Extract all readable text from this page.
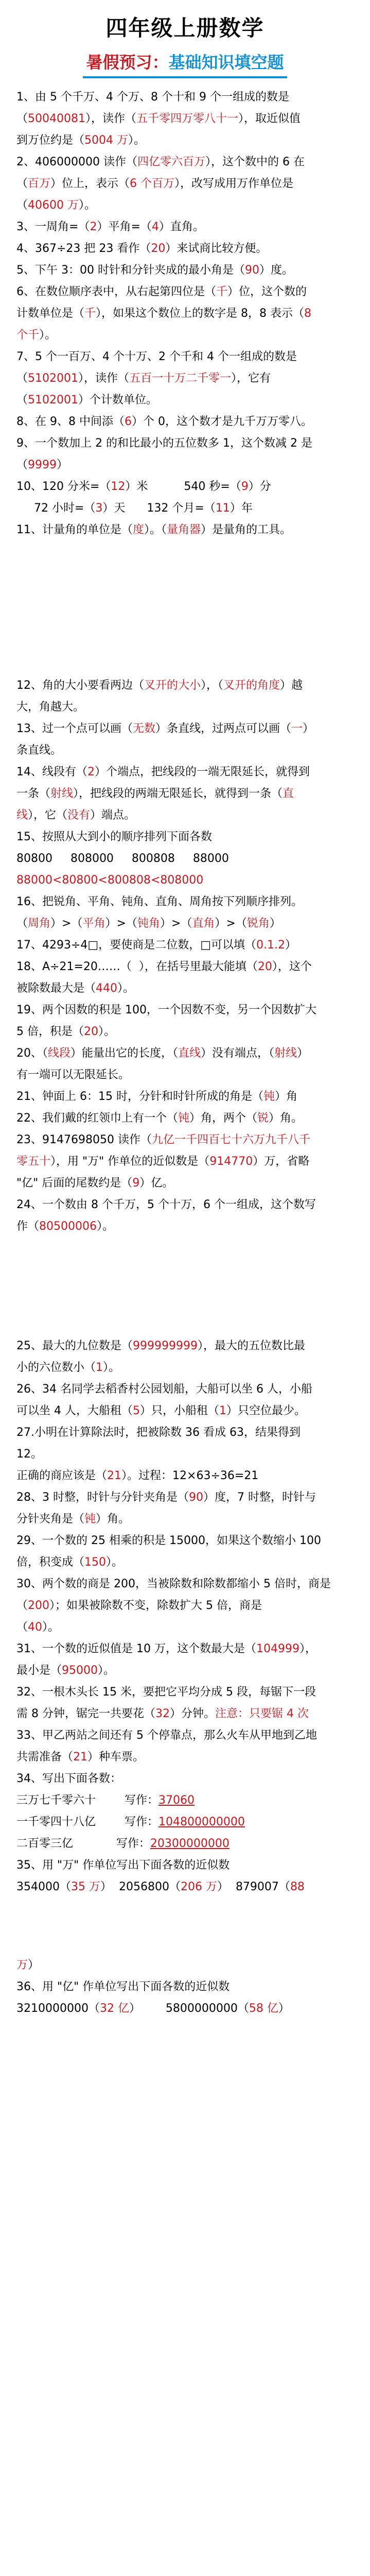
四年级上册数学
暑假预习：基础知识填空题
1、由 5 个千万、4 个万、8 个十和 9 个一组成的数是
（50040081），读作（五千零四万零八十一），取近似值
到万位约是（5004 万）。
2、406000000 读作（四亿零六百万），这个数中的 6 在
（百万）位上，表示（6 个百万），改写成用万作单位是
（40600 万）。
3、一周角=（2）平角=（4）直角。
4、367÷23 把 23 看作（20）来试商比较方便。
5、下午 3：00 时针和分针夹成的最小角是（90）度。
6、在数位顺序表中，从右起第四位是（千）位，这个数的
计数单位是（千），如果这个数位上的数字是 8，8 表示（8
个千）。
7、5 个一百万、4 个十万、2 个千和 4 个一组成的数是
（5102001），读作（五百一十万二千零一），它有
（5102001）个计数单位。
8、在 9、8 中间添（6）个 0，这个数才是九千万万零八。
9、一个数加上 2 的和比最小的五位数多 1，这个数减 2 是
（9999）
10、120 分米=（12）米          540 秒=（9）分
72 小时=（3）天      132 个月=（11）年
11、计量角的单位是（度）。（量角器）是量角的工具。
12、角的大小要看两边（叉开的大小），（叉开的角度）越
大，角越大。
13、过一个点可以画（无数）条直线，过两点可以画（一）
条直线。
14、线段有（2）个端点，把线段的一端无限延长，就得到
一条（射线），把线段的两端无限延长，就得到一条（直
线），它（没有）端点。
15、按照从大到小的顺序排列下面各数
80800     808000     800808     88000
88000<80800<800808<808000
16、把锐角、平角、钝角、直角、周角按下列顺序排列。
（周角）>（平角）>（钝角）>（直角）>（锐角）
17、4293÷4□，要使商是二位数，□可以填（0.1.2）
18、A÷21=20……（  ），在括号里最大能填（20），这个
被除数最大是（440）。
19、两个因数的积是 100，一个因数不变，另一个因数扩大
5 倍，积是（20）。
20、（线段）能量出它的长度，（直线）没有端点，（射线）
有一端可以无限延长。
21、钟面上 6：15 时，分针和时针所成的角是（钝）角
22、我们戴的红领巾上有一个（钝）角，两个（锐）角。
23、9147698050 读作（九亿一千四百七十六万九千八千
零五十），用 "万" 作单位的近似数是（914770）万，省略
"亿" 后面的尾数约是（9）亿。
24、一个数由 8 个千万，5 个十万，6 个一组成，这个数写
作（80500006）。
25、最大的九位数是（999999999），最大的五位数比最
小的六位数小（1）。
26、34 名同学去稻香村公园划船，大船可以坐 6 人，小船
可以坐 4 人，大船租（5）只，小船租（1）只空位最少。
27.小明在计算除法时，把被除数 36 看成 63，结果得到
12。
正确的商应该是（21）。过程：12×63÷36=21
28、3 时整，时针与分针夹角是（90）度，7 时整，时针与
分针夹角是（钝）角。
29、一个数的 25 相乘的积是 15000，如果这个数缩小 100
倍，积变成（150）。
30、两个数的商是 200，当被除数和除数都缩小 5 倍时，商是
（200）；如果被除数不变，除数扩大 5 倍，商是
（40）。
31、一个数的近似值是 10 万，这个数最大是（104999），
最小是（95000）。
32、一根木头长 15 米，要把它平均分成 5 段，每锯下一段
需 8 分钟，锯完一共要花（32）分钟。注意：只要锯 4 次
33、甲乙两站之间还有 5 个停靠点，那么火车从甲地到乙地
共需准备（21）种车票。
34、写出下面各数：
三万七千零六十        写作：37060
一千零四十八亿        写作：104800000000
二百零三亿            写作：20300000000
35、用 "万" 作单位写出下面各数的近似数
354000（35 万）  2056800（206 万）  879007（88
万）
36、用 "亿" 作单位写出下面各数的近似数
3210000000（32 亿）       5800000000（58 亿）
